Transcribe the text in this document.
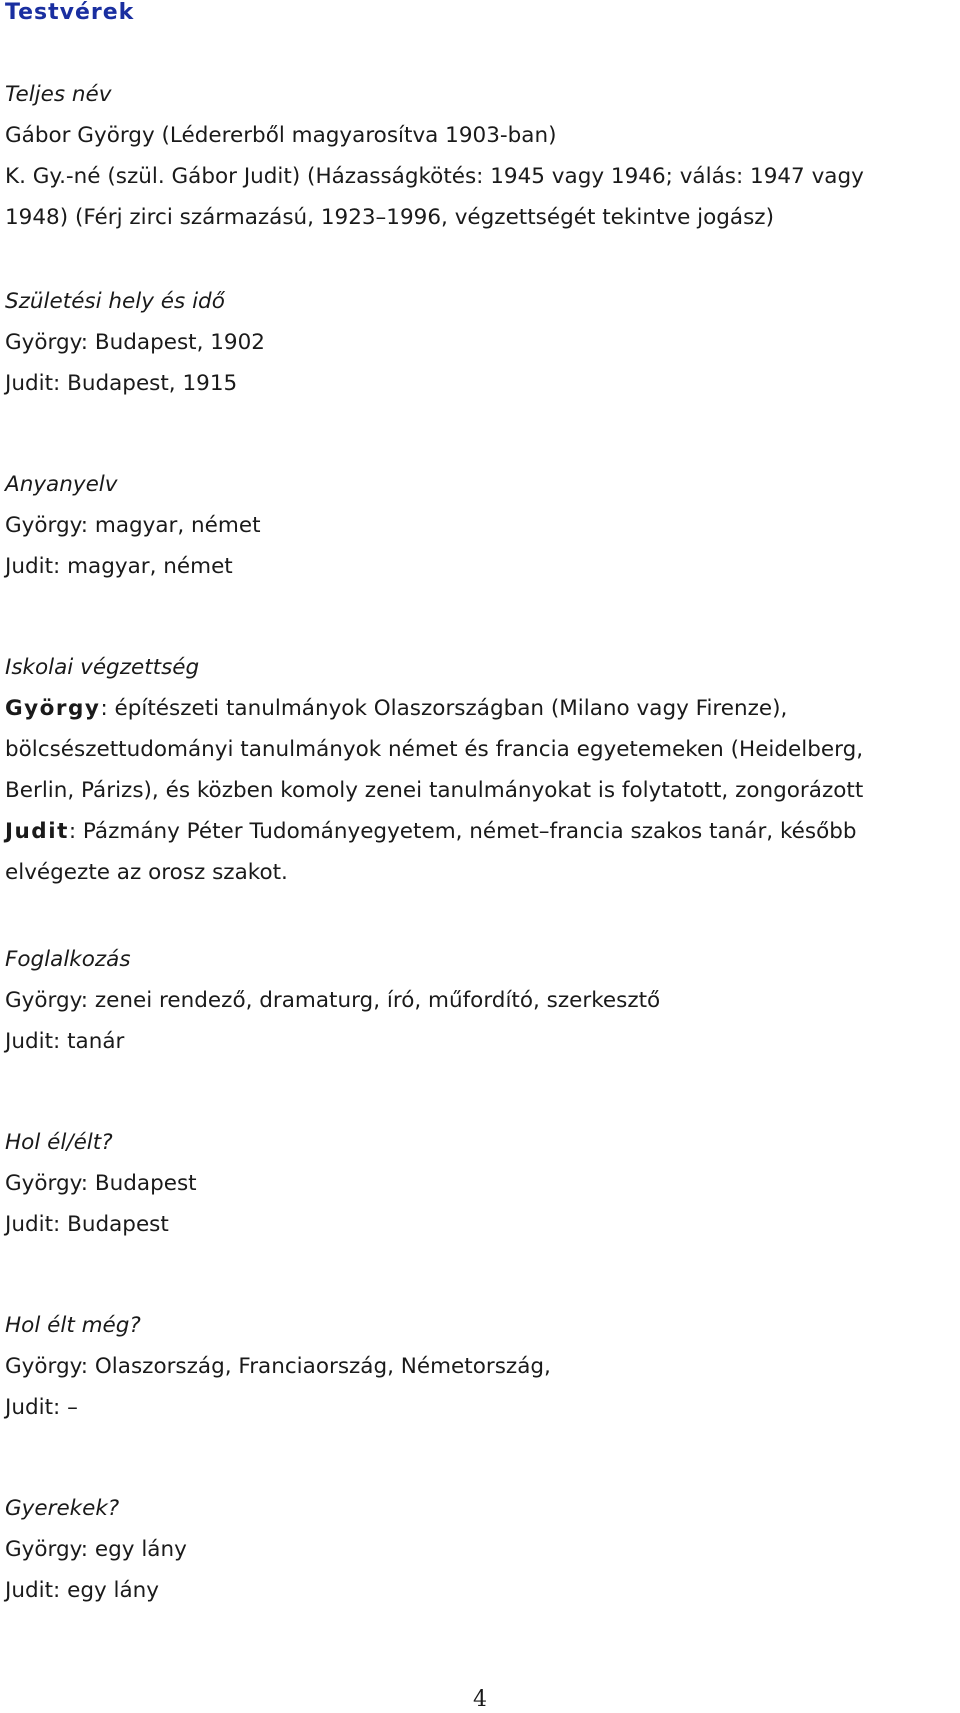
Testvérek
Teljes név
Gábor György (Lédererből magyarosítva 1903-ban)
K. Gy.-né (szül. Gábor Judit) (Házasságkötés: 1945 vagy 1946; válás: 1947 vagy
1948) (Férj zirci származású, 1923–1996, végzettségét tekintve jogász)
Születési hely és idő
György: Budapest, 1902
Judit: Budapest, 1915
Anyanyelv
György: magyar, német
Judit: magyar, német
Iskolai végzettség
György: építészeti tanulmányok Olaszországban (Milano vagy Firenze),
bölcsészettudományi tanulmányok német és francia egyetemeken (Heidelberg,
Berlin, Párizs), és közben komoly zenei tanulmányokat is folytatott, zongorázott
Judit: Pázmány Péter Tudományegyetem, német–francia szakos tanár, később
elvégezte az orosz szakot.
Foglalkozás
György: zenei rendező, dramaturg, író, műfordító, szerkesztő
Judit: tanár
Hol él/élt?
György: Budapest
Judit: Budapest
Hol élt még?
György: Olaszország, Franciaország, Németország,
Judit: –
Gyerekek?
György: egy lány
Judit: egy lány
4
